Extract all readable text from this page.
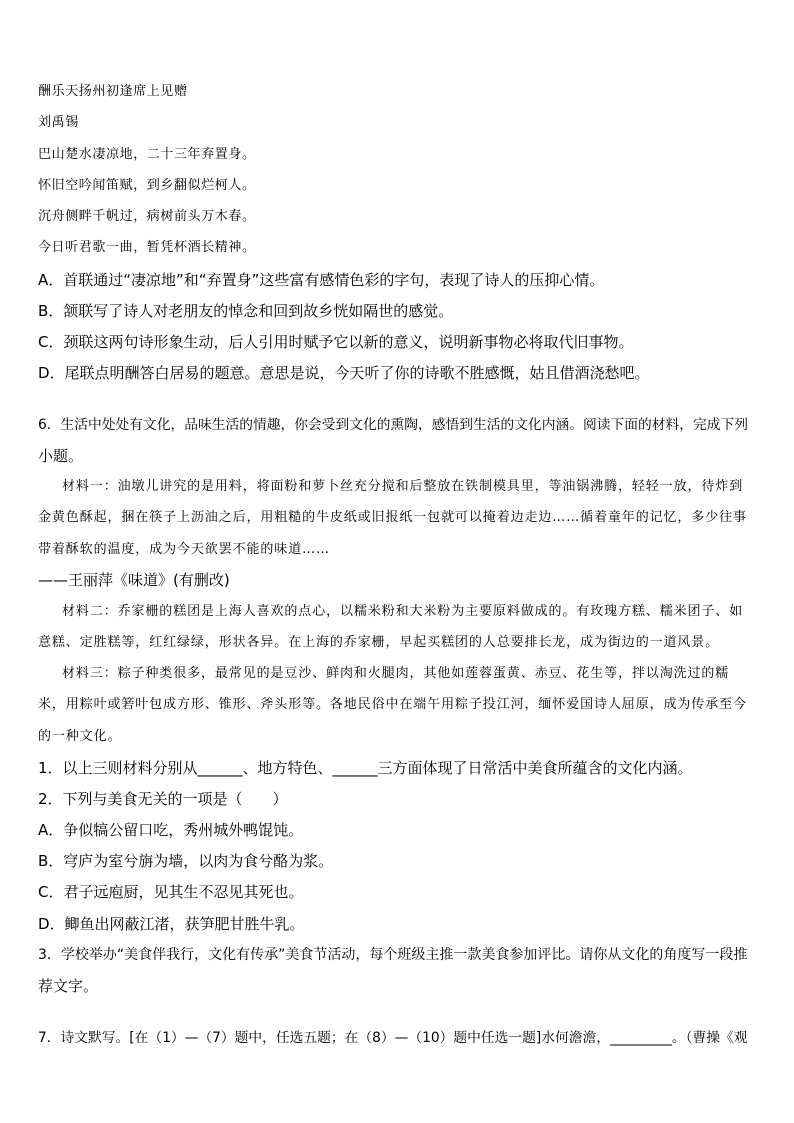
酬乐天扬州初逢席上见赠
刘禹锡
巴山楚水凄凉地，二十三年弃置身。
怀旧空吟闻笛赋，到乡翻似烂柯人。
沉舟侧畔千帆过，病树前头万木春。
今日听君歌一曲，暂凭杯酒长精神。
A．首联通过“凄凉地”和“弃置身”这些富有感情色彩的字句，表现了诗人的压抑心情。
B．颔联写了诗人对老朋友的悼念和回到故乡恍如隔世的感觉。
C．颈联这两句诗形象生动，后人引用时赋予它以新的意义，说明新事物必将取代旧事物。
D．尾联点明酬答白居易的题意。意思是说，今天听了你的诗歌不胜感慨，姑且借酒浇愁吧。
6．生活中处处有文化，品味生活的情趣，你会受到文化的熏陶，感悟到生活的文化内涵。阅读下面的材料，完成下列
小题。
材料一：油墩儿讲究的是用料，将面粉和萝卜丝充分搅和后整放在铁制模具里，等油锅沸腾，轻轻一放，待炸到
金黄色酥起，捆在筷子上沥油之后，用粗糙的牛皮纸或旧报纸一包就可以掩着边走边……循着童年的记忆，多少往事
带着酥软的温度，成为今天欲罢不能的味道……
——王丽萍《味道》(有删改)
材料二：乔家栅的糕团是上海人喜欢的点心，以糯米粉和大米粉为主要原料做成的。有玫瑰方糕、糯米团子、如
意糕、定胜糕等，红红绿绿，形状各异。在上海的乔家栅，早起买糕团的人总要排长龙，成为街边的一道风景。
材料三：粽子种类很多，最常见的是豆沙、鲜肉和火腿肉，其他如莲蓉蛋黄、赤豆、花生等，拌以淘洗过的糯
米，用粽叶或箬叶包成方形、锥形、斧头形等。各地民俗中在端午用粽子投江河，缅怀爱国诗人屈原，成为传承至今
的一种文化。
1．以上三则材料分别从______、地方特色、______三方面体现了日常活中美食所蕴含的文化内涵。
2．下列与美食无关的一项是（　　）
A．争似犒公留口吃，秀州城外鸭馄饨。
B．穹庐为室兮旃为墙，以肉为食兮酪为浆。
C．君子远庖厨，见其生不忍见其死也。
D．鲫鱼出网蔽江渚，获笋肥甘胜牛乳。
3．学校举办“美食伴我行，文化有传承”美食节活动，每个班级主推一款美食参加评比。请你从文化的角度写一段推
荐文字。
7．诗文默写。[在（1）—（7）题中，任选五题；在（8）—（10）题中任选一题]水何澹澹，_________。（曹操《观
